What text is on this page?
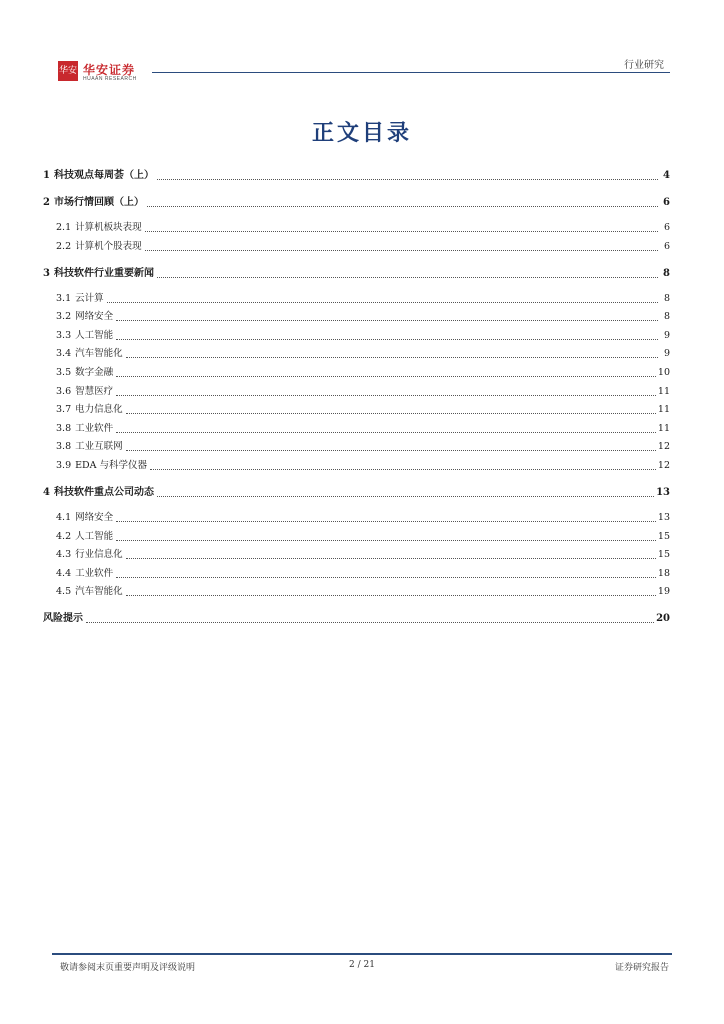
华安 华安证券
HUAAN RESEARCH
行业研究
正文目录
1 科技观点每周荟（上）	4
2 市场行情回顾（上）	6
2.1 计算机板块表现	6
2.2 计算机个股表现	6
3 科技软件行业重要新闻	8
3.1 云计算	8
3.2 网络安全	8
3.3 人工智能	9
3.4 汽车智能化	9
3.5 数字金融	10
3.6 智慧医疗	11
3.7 电力信息化	11
3.8 工业软件	11
3.8 工业互联网	12
3.9 EDA 与科学仪器	12
4 科技软件重点公司动态	13
4.1 网络安全	13
4.2 人工智能	15
4.3 行业信息化	15
4.4 工业软件	18
4.5 汽车智能化	19
风险提示	20
敬请参阅末页重要声明及评级说明	2 / 21	证券研究报告
